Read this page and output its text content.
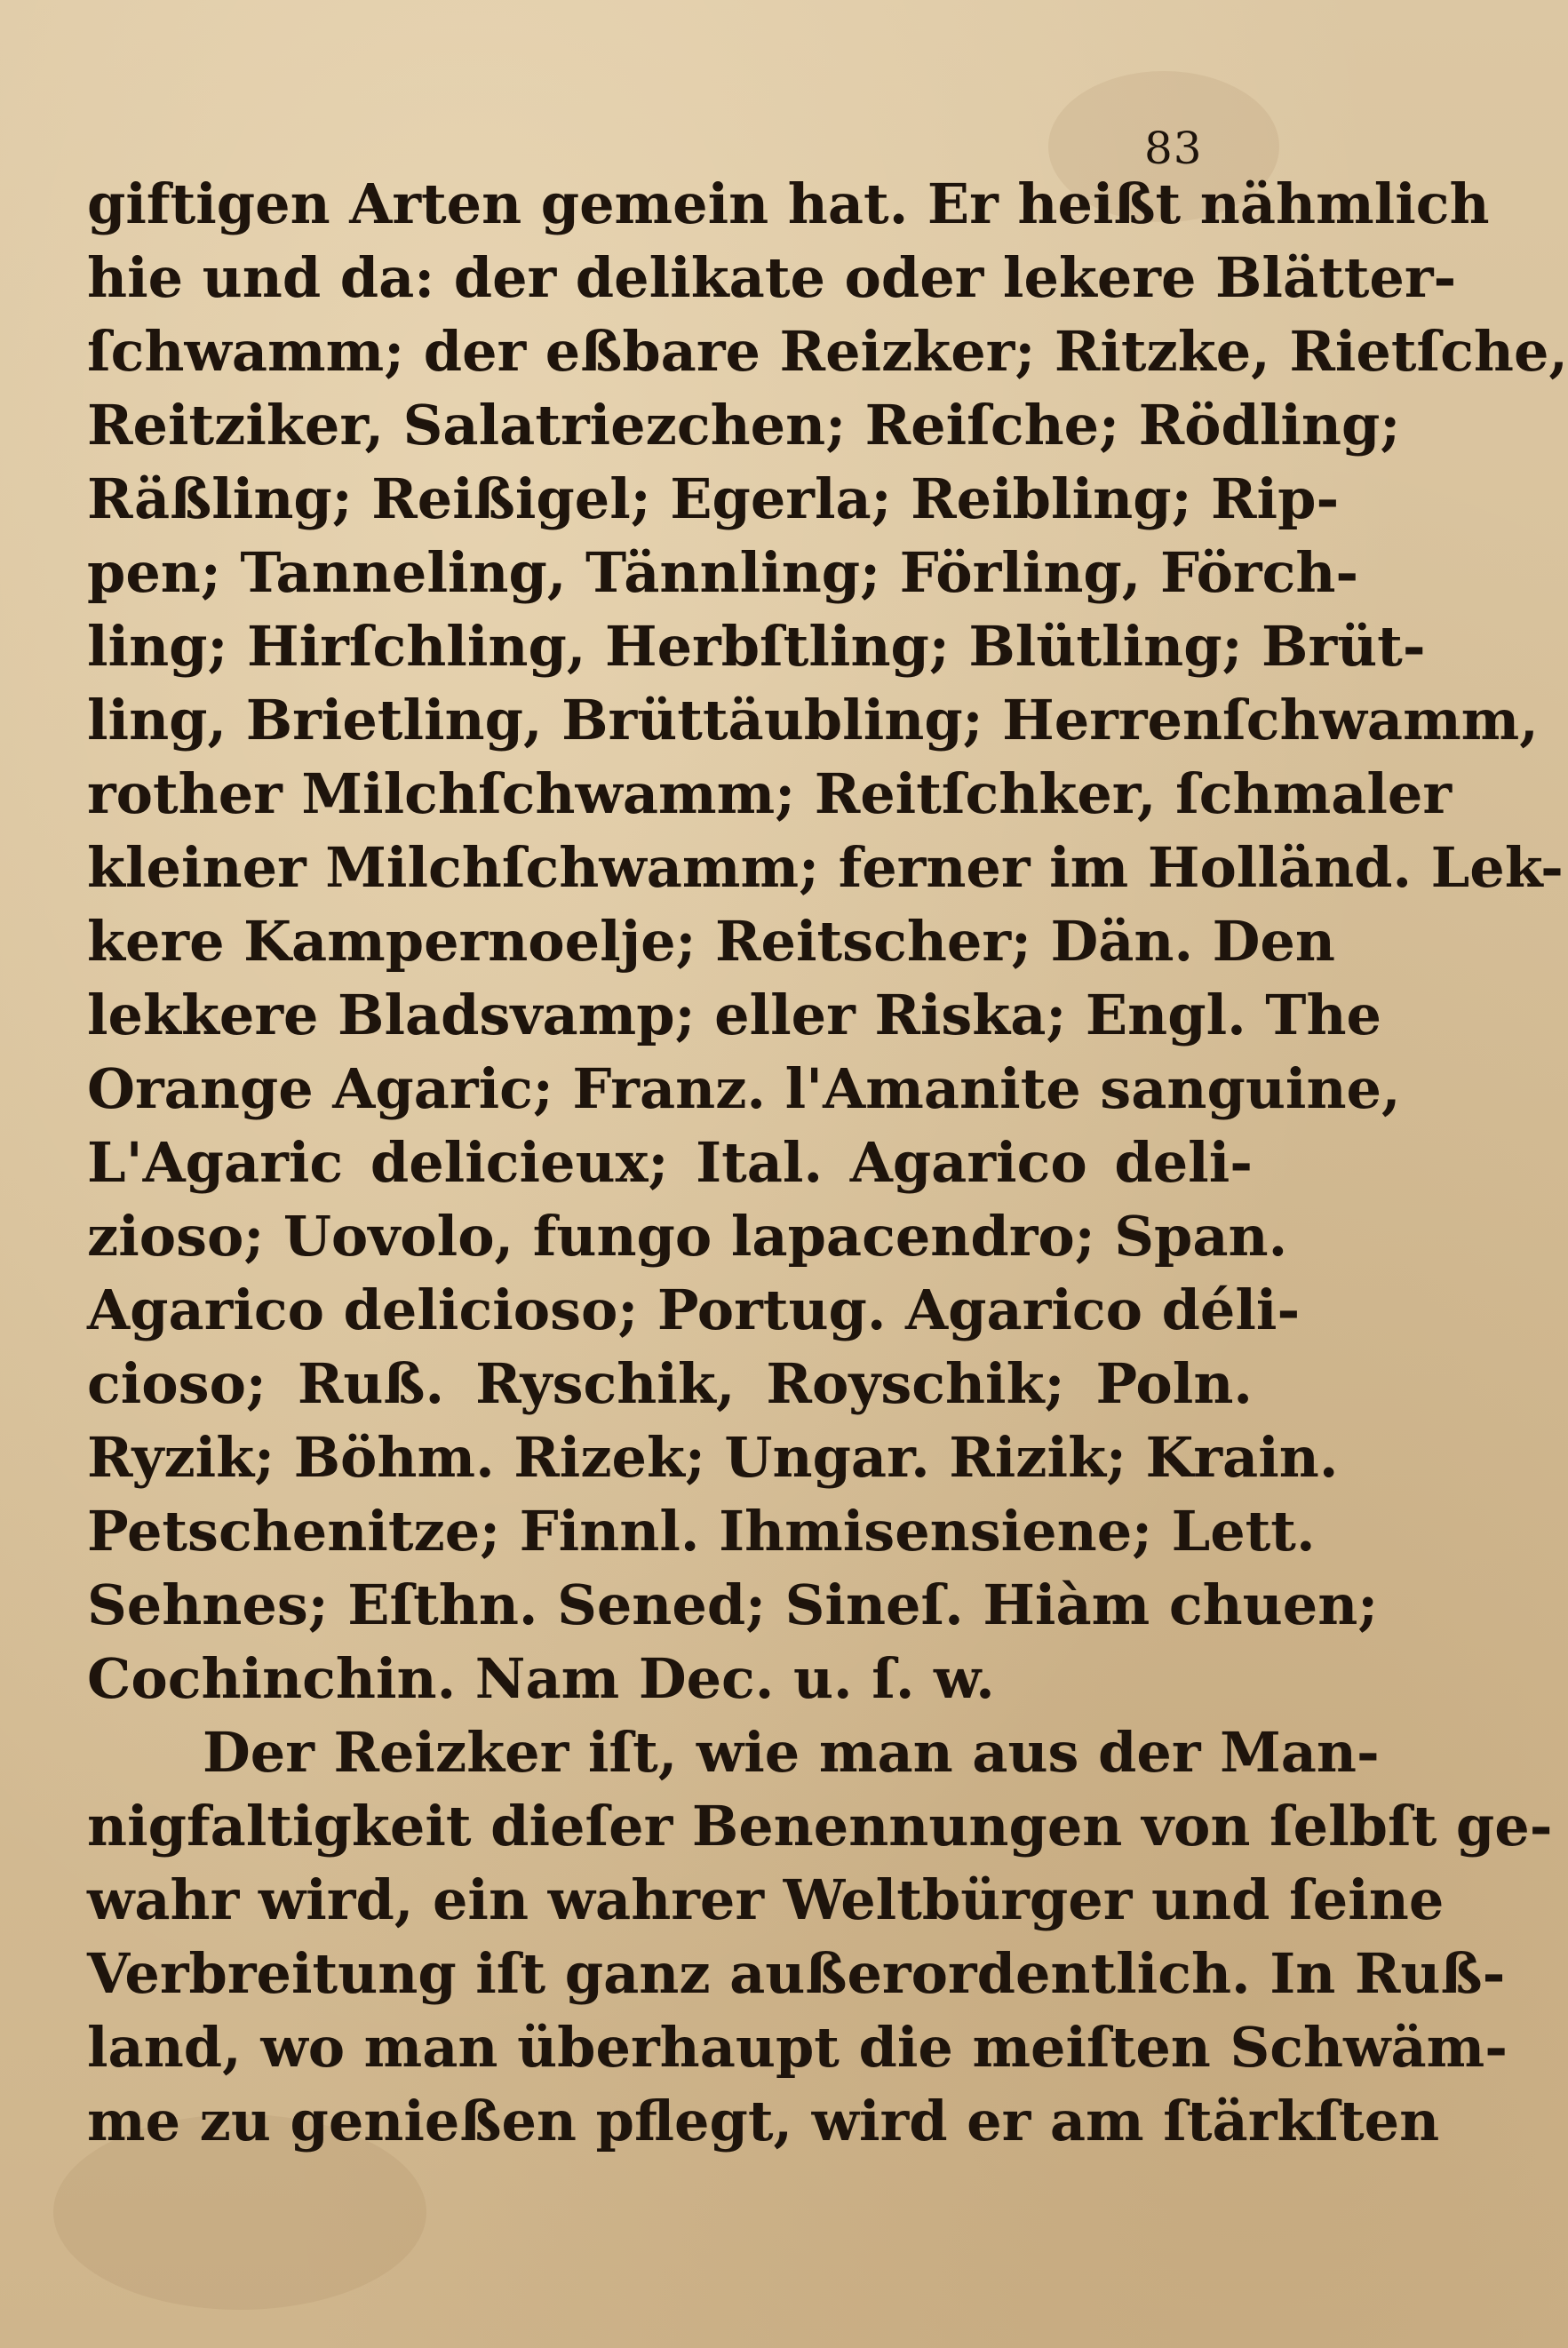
83
giftigen Arten gemein hat. Er heißt nähmlich
hie und da: der delikate oder lekere Blätter-
ſchwamm; der eßbare Reizker; Ritzke, Rietſche,
Reitziker, Salatriezchen; Reiſche; Rödling;
Räßling; Reißigel; Egerla; Reibling; Rip-
pen; Tanneling, Tännling; Förling, Förch-
ling; Hirſchling, Herbſtling; Blütling; Brüt-
ling, Brietling, Brüttäubling; Herrenſchwamm,
rother Milchſchwamm; Reitſchker, ſchmaler
kleiner Milchſchwamm; ferner im Holländ. Lek-
kere Kampernoelje; Reitscher; Dän. Den
lekkere Bladsvamp; eller Riska; Engl. The
Orange Agaric; Franz. l'Amanite sanguine,
L'Agaric delicieux; Ital. Agarico deli-
zioso; Uovolo, fungo lapacendro; Span.
Agarico delicioso; Portug. Agarico déli-
cioso; Ruß. Ryschik, Royschik; Poln.
Ryzik; Böhm. Rizek; Ungar. Rizik; Krain.
Petschenitze; Finnl. Ihmisensiene; Lett.
Sehnes; Eſthn. Sened; Sineſ. Hiàm chuen;
Cochinchin. Nam Dec. u. ſ. w.
Der Reizker iſt, wie man aus der Man-
nigfaltigkeit dieſer Benennungen von ſelbſt ge-
wahr wird, ein wahrer Weltbürger und ſeine
Verbreitung iſt ganz außerordentlich. In Ruß-
land, wo man überhaupt die meiſten Schwäm-
me zu genießen pflegt, wird er am ſtärkſten
